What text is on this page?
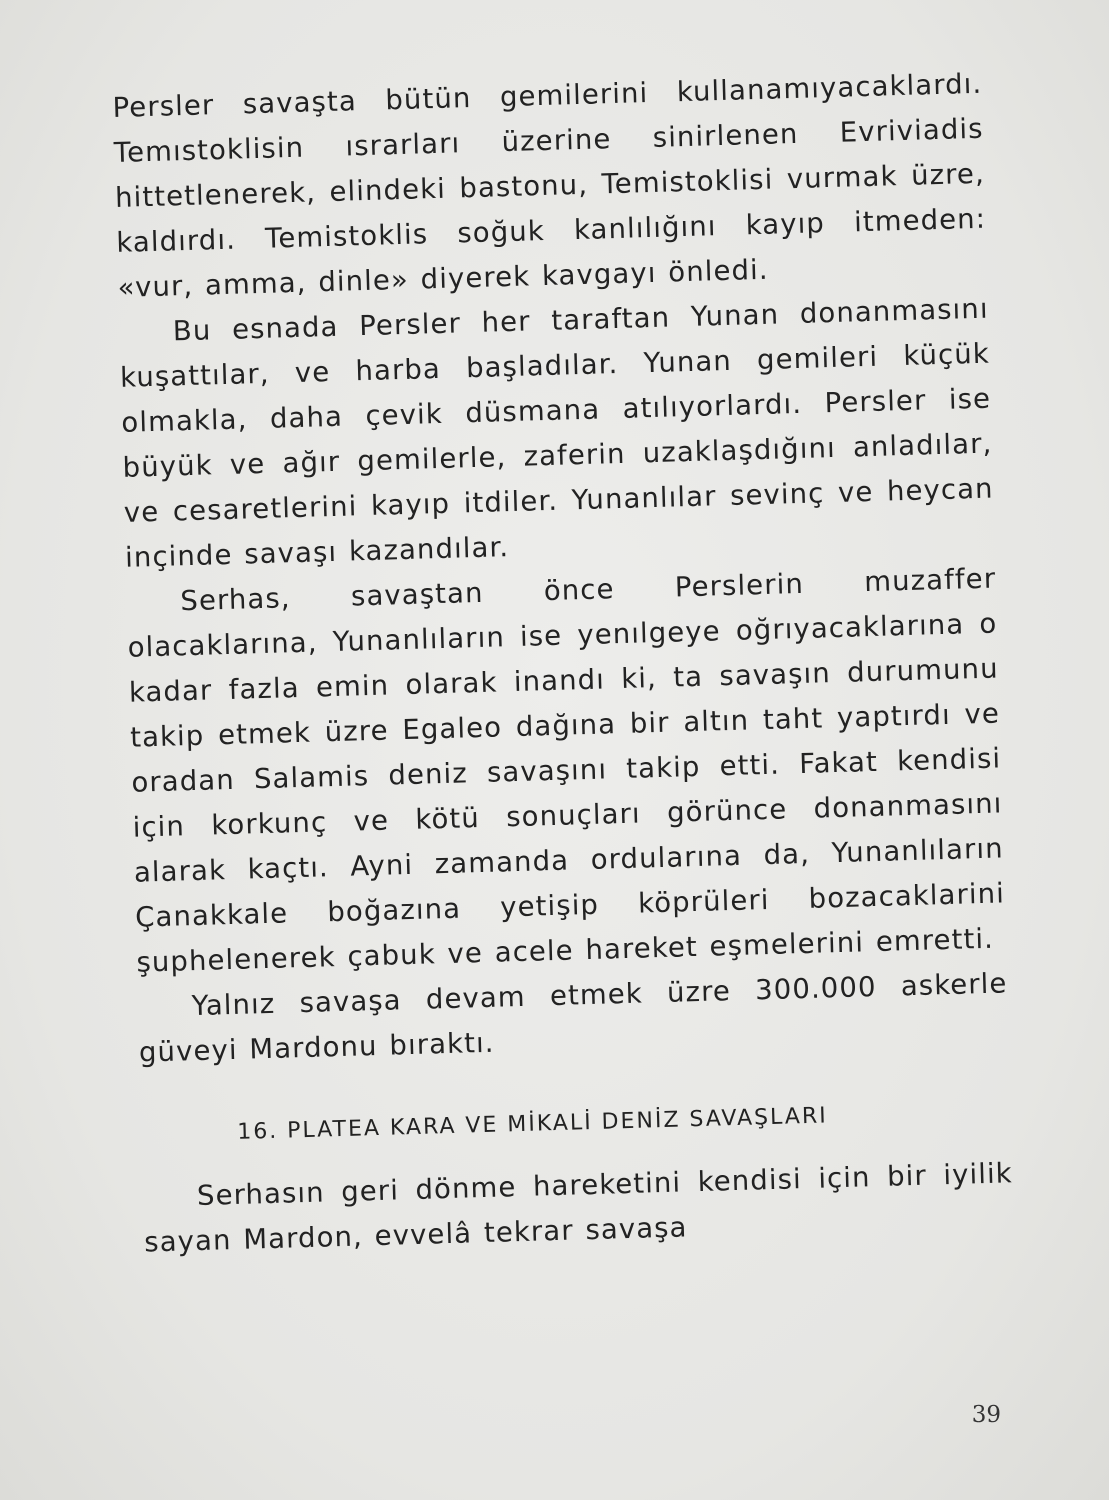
Persler savaşta bütün gemilerini kullanamıyacaklardı. Temıstoklisin ısrarları üzerine sinirlenen Evriviadis hittetlenerek, elindeki bastonu, Temistoklisi vurmak üzre, kaldırdı. Temistoklis soğuk kanlılığını kayıp itmeden: «vur, amma, dinle» diyerek kavgayı önledi.

Bu esnada Persler her taraftan Yunan donanmasını kuşattılar, ve harba başladılar. Yunan gemileri küçük olmakla, daha çevik düsmana atılıyorlardı. Persler ise büyük ve ağır gemilerle, zaferin uzaklaşdığını anladılar, ve cesaretlerini kayıp itdiler. Yunanlılar sevinç ve heycan inçinde savaşı kazandılar.

Serhas, savaştan önce Perslerin muzaffer olacaklarına, Yunanlıların ise yenılgeye oğrıyacaklarına o kadar fazla emin olarak inandı ki, ta savaşın durumunu takip etmek üzre Egaleo dağına bir altın taht yaptırdı ve oradan Salamis deniz savaşını takip etti. Fakat kendisi için korkunç ve kötü sonuçları görünce donanmasını alarak kaçtı. Ayni zamanda ordularına da, Yunanlıların Çanakkale boğazına yetişip köprüleri bozacaklarini şuphelenerek çabuk ve acele hareket eşmelerini emretti.

Yalnız savaşa devam etmek üzre 300.000 askerle güveyi Mardonu bıraktı.

16. PLATEA KARA VE MİKALİ DENİZ SAVAŞLARI

Serhasın geri dönme hareketini kendisi için bir iyilik sayan Mardon, evvelâ tekrar savaşa

39
